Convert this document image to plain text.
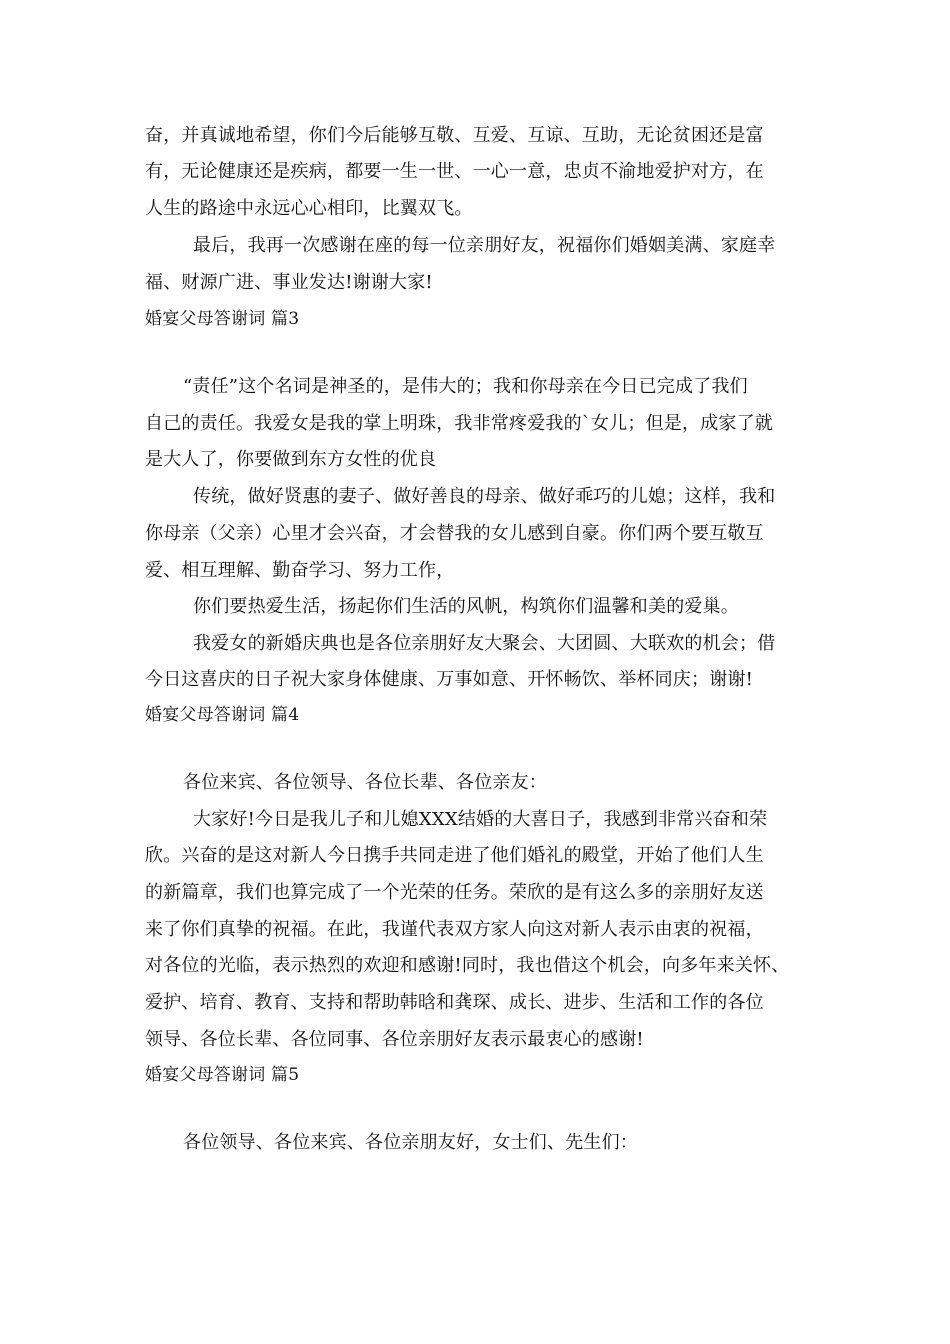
奋，并真诚地希望，你们今后能够互敬、互爱、互谅、互助，无论贫困还是富
有，无论健康还是疾病，都要一生一世、一心一意，忠贞不渝地爱护对方，在
人生的路途中永远心心相印，比翼双飞。
最后，我再一次感谢在座的每一位亲朋好友，祝福你们婚姻美满、家庭幸
福、财源广进、事业发达!谢谢大家!
婚宴父母答谢词 篇3
“责任”这个名词是神圣的，是伟大的；我和你母亲在今日已完成了我们
自己的责任。我爱女是我的掌上明珠，我非常疼爱我的`女儿；但是，成家了就
是大人了，你要做到东方女性的优良
传统，做好贤惠的妻子、做好善良的母亲、做好乖巧的儿媳；这样，我和
你母亲（父亲）心里才会兴奋，才会替我的女儿感到自豪。你们两个要互敬互
爱、相互理解、勤奋学习、努力工作，
你们要热爱生活，扬起你们生活的风帆，构筑你们温馨和美的爱巢。
我爱女的新婚庆典也是各位亲朋好友大聚会、大团圆、大联欢的机会；借
今日这喜庆的日子祝大家身体健康、万事如意、开怀畅饮、举杯同庆；谢谢!
婚宴父母答谢词 篇4
各位来宾、各位领导、各位长辈、各位亲友：
大家好!今日是我儿子和儿媳XXX结婚的大喜日子，我感到非常兴奋和荣
欣。兴奋的是这对新人今日携手共同走进了他们婚礼的殿堂，开始了他们人生
的新篇章，我们也算完成了一个光荣的任务。荣欣的是有这么多的亲朋好友送
来了你们真挚的祝福。在此，我谨代表双方家人向这对新人表示由衷的祝福，
对各位的光临，表示热烈的欢迎和感谢!同时，我也借这个机会，向多年来关怀、
爱护、培育、教育、支持和帮助韩晗和龚琛、成长、进步、生活和工作的各位
领导、各位长辈、各位同事、各位亲朋好友表示最衷心的感谢!
婚宴父母答谢词 篇5
各位领导、各位来宾、各位亲朋友好，女士们、先生们：
